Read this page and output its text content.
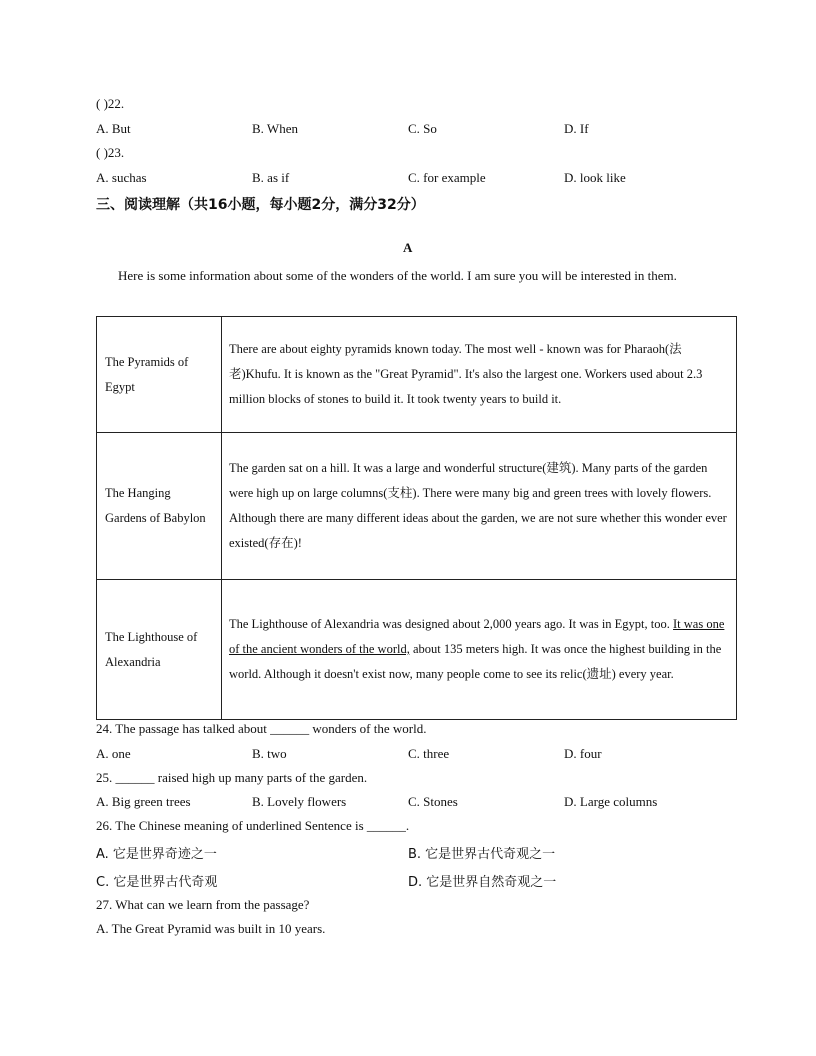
( )22.
A. But	B. When	C. So	D. If
( )23.
A. suchas	B. as if	C. for example	D. look like
三、阅读理解（共16小题，每小题2分，满分32分）
A
Here is some information about some of the wonders of the world. I am sure you will be interested in them.
The Pyramids of Egypt	There are about eighty pyramids known today. The most well - known was for Pharaoh(法老)Khufu. It is known as the "Great Pyramid". It's also the largest one. Workers used about 2.3 million blocks of stones to build it. It took twenty years to build it.
The Hanging Gardens of Babylon	The garden sat on a hill. It was a large and wonderful structure(建筑). Many parts of the garden were high up on large columns(支柱). There were many big and green trees with lovely flowers. Although there are many different ideas about the garden, we are not sure whether this wonder ever existed(存在)!
The Lighthouse of Alexandria	The Lighthouse of Alexandria was designed about 2,000 years ago. It was in Egypt, too. It was one of the ancient wonders of the world, about 135 meters high. It was once the highest building in the world. Although it doesn't exist now, many people come to see its relic(遗址) every year.
24. The passage has talked about ______ wonders of the world.
A. one	B. two	C. three	D. four
25. ______ raised high up many parts of the garden.
A. Big green trees	B. Lovely flowers	C. Stones	D. Large columns
26. The Chinese meaning of underlined Sentence is ______.
A. 它是世界奇迹之一	B. 它是世界古代奇观之一
C. 它是世界古代奇观	D. 它是世界自然奇观之一
27. What can we learn from the passage?
A. The Great Pyramid was built in 10 years.
